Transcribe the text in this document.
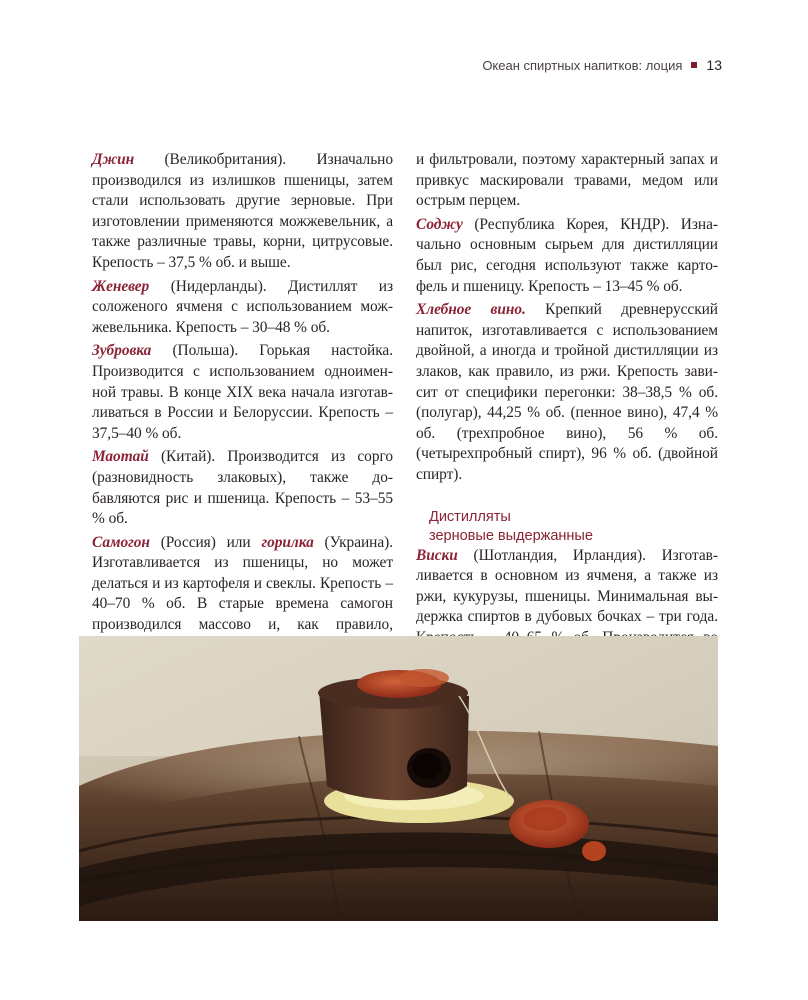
Океан спиртных напитков: лоция 13

Джин (Великобритания). Изначально производился из излишков пшеницы, затем стали использовать другие зерновые. При изготовлении применяются можжевельник, а также различные травы, корни, цитрусовые. Крепость – 37,5 % об. и выше.

Женевер (Нидерланды). Дистиллят из соложеного ячменя с использованием можжевельника. Крепость – 30–48 % об.

Зубровка (Польша). Горькая настойка. Производится с использованием одноименной травы. В конце XIX века начала изготавливаться в России и Белоруссии. Крепость – 37,5–40 % об.

Маотай (Китай). Производится из сорго (разновидность злаковых), также добавляются рис и пшеница. Крепость – 53–55 % об.

Самогон (Россия) или горилка (Украина). Изготавливается из пшеницы, но может делаться и из картофеля и свеклы. Крепость – 40–70 % об. В старые времена самогон производился массово и, как правило,

и фильтровали, поэтому характерный запах и привкус маскировали травами, медом или острым перцем.

Соджу (Республика Корея, КНДР). Изначально основным сырьем для дистилляции был рис, сегодня используют также картофель и пшеницу. Крепость – 13–45 % об.

Хлебное вино. Крепкий древнерусский напиток, изготавливается с использованием двойной, а иногда и тройной дистилляции из злаков, как правило, из ржи. Крепость зависит от специфики перегонки: 38–38,5 % об. (полугар), 44,25 % об. (пенное вино), 47,4 % об. (трехпробное вино), 56 % об. (четырехпробный спирт), 96 % об. (двойной спирт).

Дистилляты
зерновые выдержанные

Виски (Шотландия, Ирландия). Изготавливается в основном из ячменя, а также из ржи, кукурузы, пшеницы. Минимальная выдержка спиртов в дубовых бочках – три года.
